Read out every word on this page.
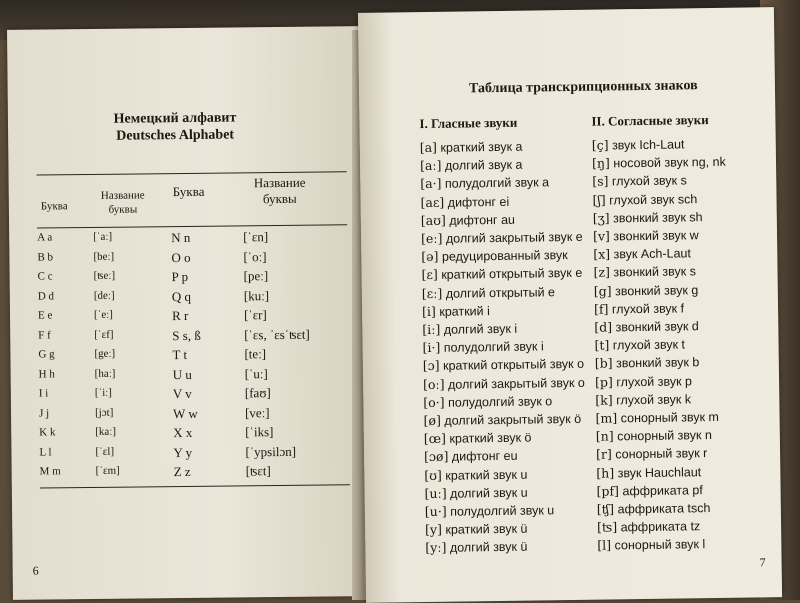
Немецкий алфавит
Deutsches Alphabet
Буква
Название буквы
Буква
Название буквы
A a	[ˈaː]	N n	[ˈɛn]
B b	[beː]	O o	[ˈoː]
C c	[ʦeː]	P p	[peː]
D d	[deː]	Q q	[kuː]
E e	[ˈeː]	R r	[ˈɛr]
F f	[ˈɛf]	S s, ß	[ˈɛs, ˈɛsˈʦɛt]
G g	[geː]	T t	[teː]
H h	[haː]	U u	[ˈuː]
I i	[ˈiː]	V v	[faʊ]
J j	[jɔt]	W w	[veː]
K k	[kaː]	X x	[ˈiks]
L l	[ˈɛl]	Y y	[ˈypsilɔn]
M m	[ˈɛm]	Z z	[ʦɛt]
6
Таблица транскрипционных знаков
I. Гласные звуки	II. Согласные звуки
[a] краткий звук a
[aː] долгий звук a
[a·] полудолгий звук a
[aɛ] дифтонг ei
[aʊ] дифтонг au
[eː] долгий закрытый звук e
[ə] редуцированный звук
[ɛ] краткий открытый звук e
[ɛː] долгий открытый e
[i] краткий i
[iː] долгий звук i
[i·] полудолгий звук i
[ɔ] краткий открытый звук o
[oː] долгий закрытый звук o
[o·] полудолгий звук o
[ø] долгий закрытый звук ö
[œ] краткий звук ö
[ɔø] дифтонг eu
[ʊ] краткий звук u
[uː] долгий звук u
[u·] полудолгий звук u
[y] краткий звук ü
[yː] долгий звук ü
[ç] звук Ich-Laut
[ŋ] носовой звук ng, nk
[s] глухой звук s
[ʃ] глухой звук sch
[ʒ] звонкий звук sh
[v] звонкий звук w
[x] звук Ach-Laut
[z] звонкий звук s
[g] звонкий звук g
[f] глухой звук f
[d] звонкий звук d
[t] глухой звук t
[b] звонкий звук b
[p] глухой звук p
[k] глухой звук k
[m] сонорный звук m
[n] сонорный звук n
[r] сонорный звук r
[h] звук Hauchlaut
[pf] аффриката pf
[ʧ] аффриката tsch
[ʦ] аффриката tz
[l] сонорный звук l
7
